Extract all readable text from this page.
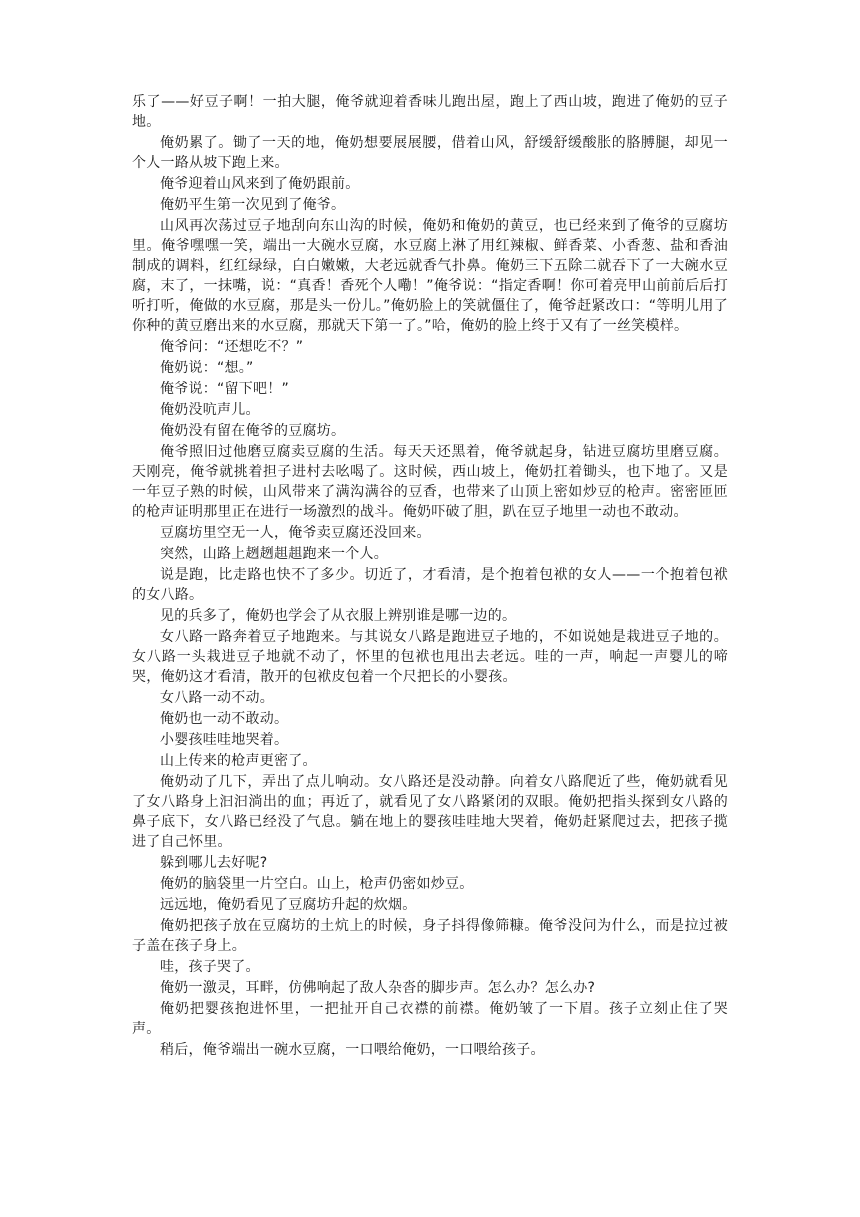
乐了——好豆子啊！一拍大腿，俺爷就迎着香味儿跑出屋，跑上了西山坡，跑进了俺奶的豆子地。

俺奶累了。锄了一天的地，俺奶想要展展腰，借着山风，舒缓舒缓酸胀的胳膊腿，却见一个人一路从坡下跑上来。

俺爷迎着山风来到了俺奶跟前。

俺奶平生第一次见到了俺爷。

山风再次荡过豆子地刮向东山沟的时候，俺奶和俺奶的黄豆，也已经来到了俺爷的豆腐坊里。俺爷嘿嘿一笑，端出一大碗水豆腐，水豆腐上淋了用红辣椒、鲜香菜、小香葱、盐和香油制成的调料，红红绿绿，白白嫩嫩，大老远就香气扑鼻。俺奶三下五除二就吞下了一大碗水豆腐，末了，一抹嘴，说：“真香！香死个人嘞！”俺爷说：“指定香啊！你可着亮甲山前前后后打听打听，俺做的水豆腐，那是头一份儿。”俺奶脸上的笑就僵住了，俺爷赶紧改口：“等明儿用了你种的黄豆磨出来的水豆腐，那就天下第一了。”哈，俺奶的脸上终于又有了一丝笑模样。

俺爷问：“还想吃不？”

俺奶说：“想。”

俺爷说：“留下吧！”

俺奶没吭声儿。

俺奶没有留在俺爷的豆腐坊。

俺爷照旧过他磨豆腐卖豆腐的生活。每天天还黑着，俺爷就起身，钻进豆腐坊里磨豆腐。天刚亮，俺爷就挑着担子进村去吆喝了。这时候，西山坡上，俺奶扛着锄头，也下地了。又是一年豆子熟的时候，山风带来了满沟满谷的豆香，也带来了山顶上密如炒豆的枪声。密密匝匝的枪声证明那里正在进行一场激烈的战斗。俺奶吓破了胆，趴在豆子地里一动也不敢动。

豆腐坊里空无一人，俺爷卖豆腐还没回来。

突然，山路上趔趔趄趄跑来一个人。

说是跑，比走路也快不了多少。切近了，才看清，是个抱着包袱的女人——一个抱着包袱的女八路。

见的兵多了，俺奶也学会了从衣服上辨别谁是哪一边的。

女八路一路奔着豆子地跑来。与其说女八路是跑进豆子地的，不如说她是栽进豆子地的。女八路一头栽进豆子地就不动了，怀里的包袱也甩出去老远。哇的一声，响起一声婴儿的啼哭，俺奶这才看清，散开的包袱皮包着一个尺把长的小婴孩。

女八路一动不动。

俺奶也一动不敢动。

小婴孩哇哇地哭着。

山上传来的枪声更密了。

俺奶动了几下，弄出了点儿响动。女八路还是没动静。向着女八路爬近了些，俺奶就看见了女八路身上汩汩淌出的血；再近了，就看见了女八路紧闭的双眼。俺奶把指头探到女八路的鼻子底下，女八路已经没了气息。躺在地上的婴孩哇哇地大哭着，俺奶赶紧爬过去，把孩子揽进了自己怀里。

躲到哪儿去好呢?

俺奶的脑袋里一片空白。山上，枪声仍密如炒豆。

远远地，俺奶看见了豆腐坊升起的炊烟。

俺奶把孩子放在豆腐坊的土炕上的时候，身子抖得像筛糠。俺爷没问为什么，而是拉过被子盖在孩子身上。

哇，孩子哭了。

俺奶一激灵，耳畔，仿佛响起了敌人杂沓的脚步声。怎么办？怎么办?

俺奶把婴孩抱进怀里，一把扯开自己衣襟的前襟。俺奶皱了一下眉。孩子立刻止住了哭声。

稍后，俺爷端出一碗水豆腐，一口喂给俺奶，一口喂给孩子。
